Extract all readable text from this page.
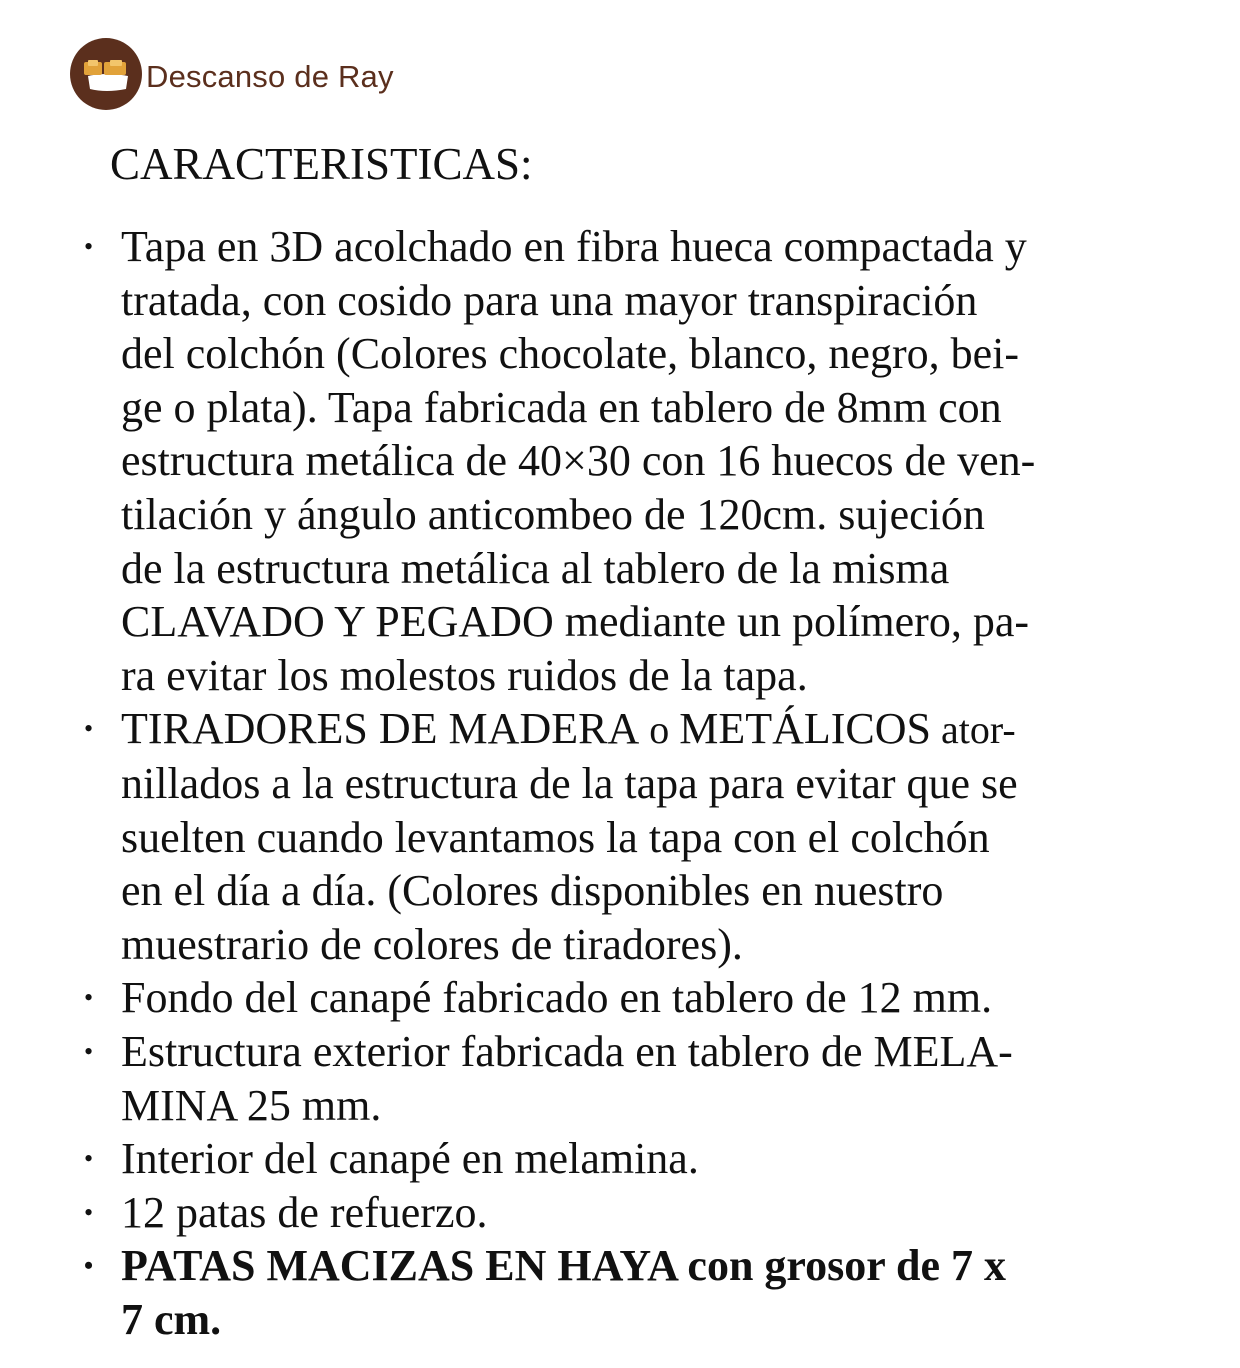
Descanso de Ray
CARACTERISTICAS:
• Tapa en 3D acolchado en fibra hueca compactada y
tratada, con cosido para una mayor transpiración
del colchón (Colores chocolate, blanco, negro, bei-
ge o plata). Tapa fabricada en tablero de 8mm con
estructura metálica de 40×30 con 16 huecos de ven-
tilación y ángulo anticombeo de 120cm. sujeción
de la estructura metálica al tablero de la misma
CLAVADO Y PEGADO mediante un polímero, pa-
ra evitar los molestos ruidos de la tapa.
• TIRADORES DE MADERA o METÁLICOS ator-
nillados a la estructura de la tapa para evitar que se
suelten cuando levantamos la tapa con el colchón
en el día a día. (Colores disponibles en nuestro
muestrario de colores de tiradores).
• Fondo del canapé fabricado en tablero de 12 mm.
• Estructura exterior fabricada en tablero de MELA-
MINA 25 mm.
• Interior del canapé en melamina.
• 12 patas de refuerzo.
• PATAS MACIZAS EN HAYA con grosor de 7 x
7 cm.
